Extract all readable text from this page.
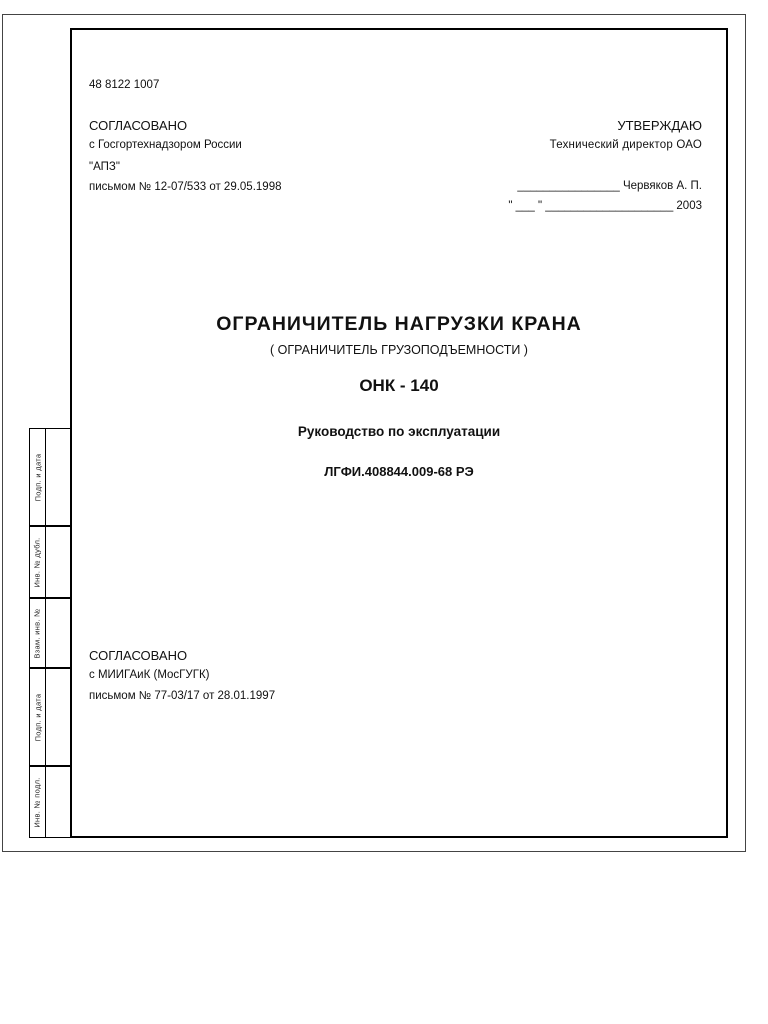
Подп. и дата
Инв. № дубл.
Взам. инв. №
Подп. и дата
Инв. № подл.
48 8122 1007
СОГЛАСОВАНО
с Госгортехнадзором России
"АПЗ"
письмом № 12-07/533 от 29.05.1998
УТВЕРЖДАЮ
Технический директор ОАО
________________ Червяков А. П.
" ___ " ____________________ 2003
ОГРАНИЧИТЕЛЬ НАГРУЗКИ КРАНА
( ОГРАНИЧИТЕЛЬ ГРУЗОПОДЪЕМНОСТИ )
ОНК - 140
Руководство по эксплуатации
ЛГФИ.408844.009-68 РЭ
СОГЛАСОВАНО
с МИИГАиК (МосГУГК)
письмом № 77-03/17 от 28.01.1997
